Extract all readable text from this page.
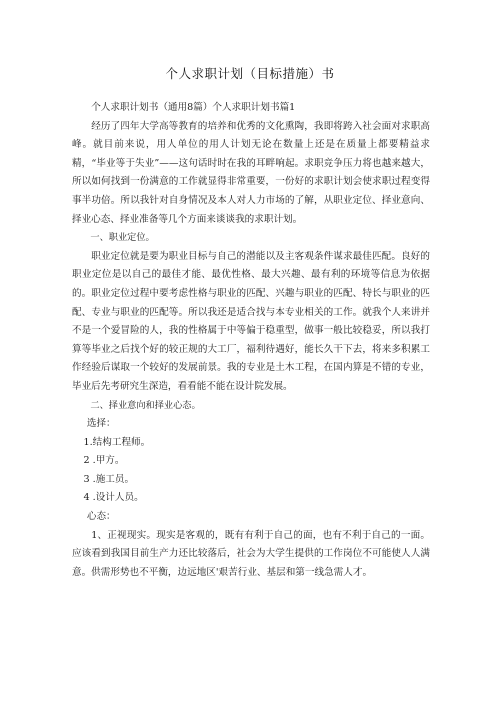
个人求职计划（目标措施）书

个人求职计划书（通用8篇）个人求职计划书篇1

经历了四年大学高等教育的培养和优秀的文化熏陶，我即将跨入社会面对求职高峰。就目前来说，用人单位的用人计划无论在数量上还是在质量上都要精益求精，“毕业等于失业”——这句话时时在我的耳畔响起。求职竞争压力将也越来越大，所以如何找到一份满意的工作就显得非常重要，一份好的求职计划会使求职过程变得事半功倍。所以我针对自身情况及本人对人力市场的了解，从职业定位、择业意向、择业心态、择业准备等几个方面来谈谈我的求职计划。

一、职业定位。

职业定位就是要为职业目标与自己的潜能以及主客观条件谋求最佳匹配。良好的职业定位是以自己的最佳才能、最优性格、最大兴趣、最有利的环境等信息为依据的。职业定位过程中要考虑性格与职业的匹配、兴趣与职业的匹配、特长与职业的匹配、专业与职业的匹配等。所以我还是适合找与本专业相关的工作。就我个人来讲并不是一个爱冒险的人，我的性格属于中等偏于稳重型，做事一般比较稳妥，所以我打算等毕业之后找个好的较正规的大工厂，福利待遇好，能长久干下去，将来多积累工作经验后谋取一个较好的发展前景。我的专业是土木工程，在国内算是不错的专业，毕业后先考研究生深造，看看能不能在设计院发展。

二、择业意向和择业心态。

选择：

1.结构工程师。

2 .甲方。

3 .施工员。

4 .设计人员。

心态：

1、正视现实。现实是客观的，既有有利于自己的面，也有不利于自己的一面。应该看到我国目前生产力还比较落后，社会为大学生提供的工作岗位不可能使人人满意。供需形势也不平衡，边远地区'艰苦行业、基层和第一线急需人才。
